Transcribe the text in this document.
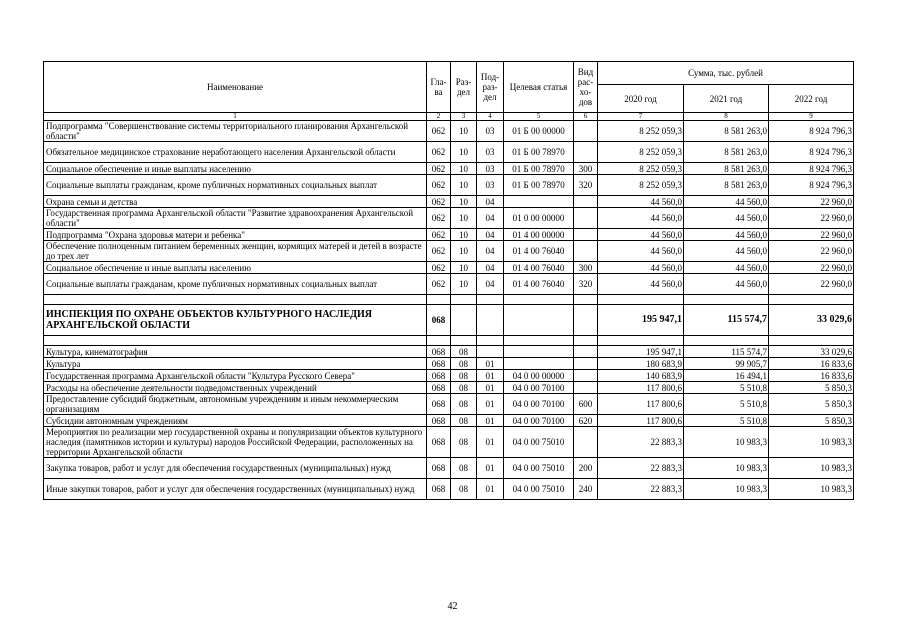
Наименование	Гла-ва	Раз-дел	Под-раз-дел	Целевая статья	Вид рас-хо-дов	Сумма, тыс. рублей		
						2020 год	2021 год	2022 год
1	2	3	4	5	6	7	8	9
Подпрограмма "Совершенствование системы территориального планирования Архангельской области"	062	10	03	01 Б 00 00000		8 252 059,3	8 581 263,0	8 924 796,3
Обязательное медицинское страхование неработающего населения Архангельской области	062	10	03	01 Б 00 78970		8 252 059,3	8 581 263,0	8 924 796,3
Социальное обеспечение и иные выплаты населению	062	10	03	01 Б 00 78970	300	8 252 059,3	8 581 263,0	8 924 796,3
Социальные выплаты гражданам, кроме публичных нормативных социальных выплат	062	10	03	01 Б 00 78970	320	8 252 059,3	8 581 263,0	8 924 796,3
Охрана семьи и детства	062	10	04			44 560,0	44 560,0	22 960,0
Государственная программа Архангельской области "Развитие здравоохранения Архангельской области"	062	10	04	01 0 00 00000		44 560,0	44 560,0	22 960,0
Подпрограмма "Охрана здоровья матери и ребенка"	062	10	04	01 4 00 00000		44 560,0	44 560,0	22 960,0
Обеспечение полноценным питанием беременных женщин, кормящих матерей и детей в возрасте до трех лет	062	10	04	01 4 00 76040		44 560,0	44 560,0	22 960,0
Социальное обеспечение и иные выплаты населению	062	10	04	01 4 00 76040	300	44 560,0	44 560,0	22 960,0
Социальные выплаты гражданам, кроме публичных нормативных социальных выплат	062	10	04	01 4 00 76040	320	44 560,0	44 560,0	22 960,0

ИНСПЕКЦИЯ ПО ОХРАНЕ ОБЪЕКТОВ КУЛЬТУРНОГО НАСЛЕДИЯ АРХАНГЕЛЬСКОЙ ОБЛАСТИ	068					195 947,1	115 574,7	33 029,6

Культура, кинематография	068	08				195 947,1	115 574,7	33 029,6
Культура	068	08	01			180 683,9	99 905,7	16 833,6
Государственная программа Архангельской области "Культура Русского Севера"	068	08	01	04 0 00 00000		140 683,9	16 494,1	16 833,6
Расходы на обеспечение деятельности подведомственных учреждений	068	08	01	04 0 00 70100		117 800,6	5 510,8	5 850,3
Предоставление субсидий бюджетным, автономным учреждениям и иным некоммерческим организациям	068	08	01	04 0 00 70100	600	117 800,6	5 510,8	5 850,3
Субсидии автономным учреждениям	068	08	01	04 0 00 70100	620	117 800,6	5 510,8	5 850,3
Мероприятия по реализации мер государственной охраны и популяризации объектов культурного наследия (памятников истории и культуры) народов Российской Федерации, расположенных на территории Архангельской области	068	08	01	04 0 00 75010		22 883,3	10 983,3	10 983,3
Закупка товаров, работ и услуг для обеспечения государственных (муниципальных) нужд	068	08	01	04 0 00 75010	200	22 883,3	10 983,3	10 983,3
Иные закупки товаров, работ и услуг для обеспечения государственных (муниципальных) нужд	068	08	01	04 0 00 75010	240	22 883,3	10 983,3	10 983,3
42
